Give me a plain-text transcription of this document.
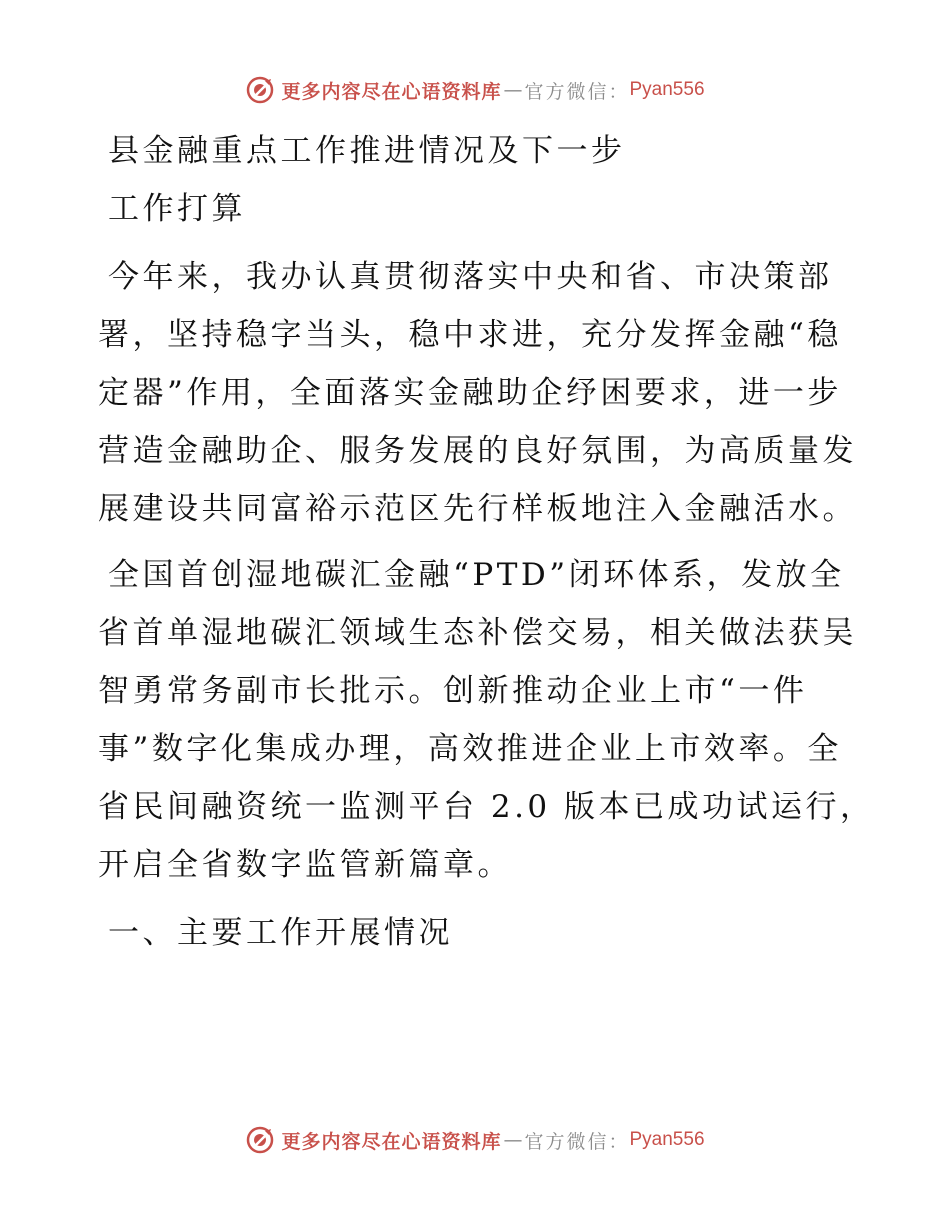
更多内容尽在心语资料库 — 官方微信： Pyan556

县金融重点工作推进情况及下一步

工作打算

今年来，我办认真贯彻落实中央和省、市决策部

署，坚持稳字当头，稳中求进，充分发挥金融“稳

定器”作用，全面落实金融助企纾困要求，进一步

营造金融助企、服务发展的良好氛围，为高质量发

展建设共同富裕示范区先行样板地注入金融活水。

全国首创湿地碳汇金融“PTD”闭环体系，发放全

省首单湿地碳汇领域生态补偿交易，相关做法获吴

智勇常务副市长批示。创新推动企业上市“一件

事”数字化集成办理，高效推进企业上市效率。全

省民间融资统一监测平台 2.0 版本已成功试运行，

开启全省数字监管新篇章。

一、主要工作开展情况

更多内容尽在心语资料库 — 官方微信： Pyan556
